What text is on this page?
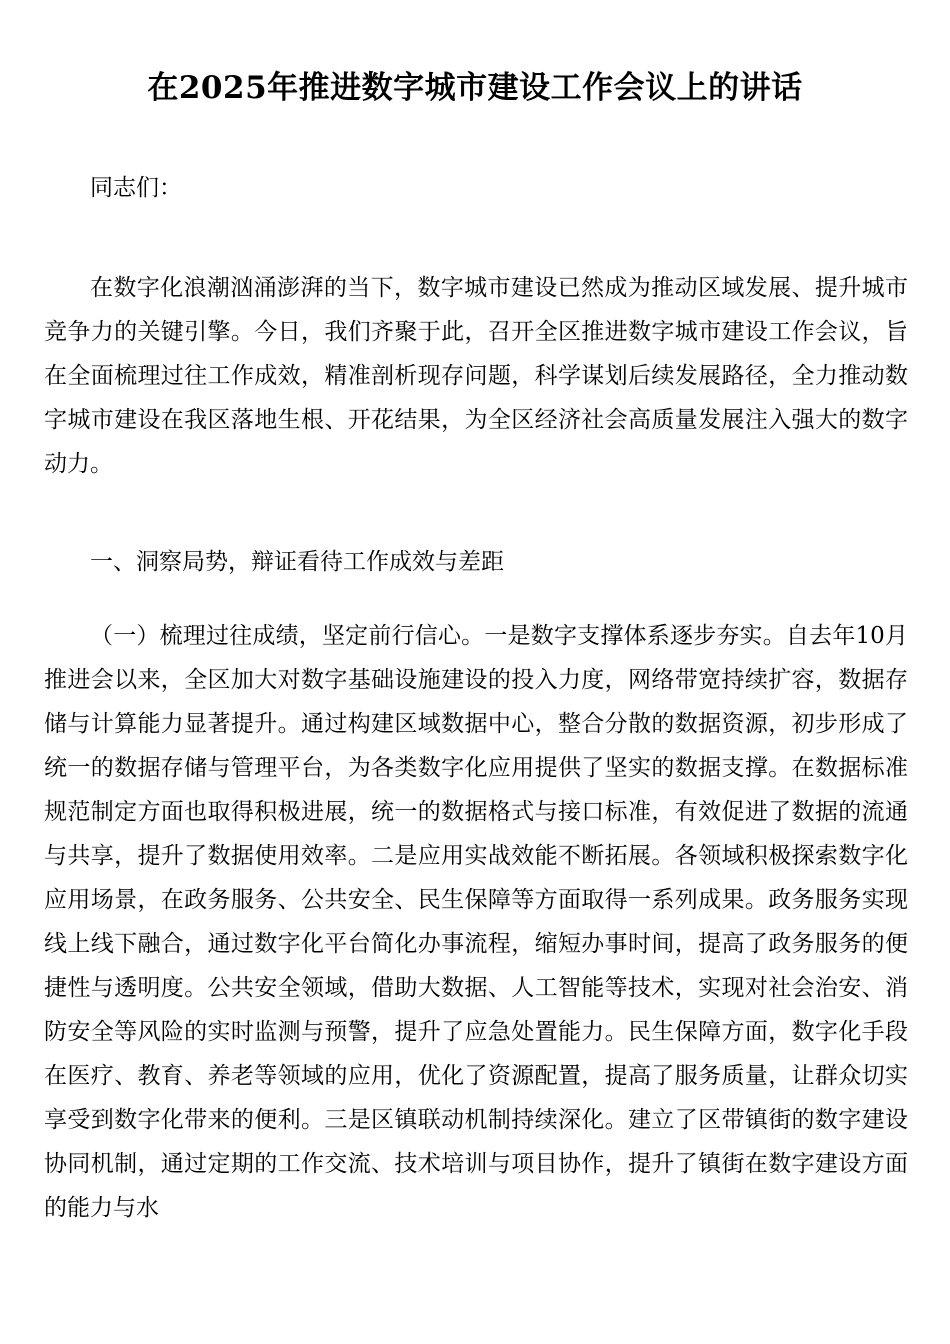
在2025年推进数字城市建设工作会议上的讲话

同志们：

在数字化浪潮汹涌澎湃的当下，数字城市建设已然成为推动区域发展、提升城市竞争力的关键引擎。今日，我们齐聚于此，召开全区推进数字城市建设工作会议，旨在全面梳理过往工作成效，精准剖析现存问题，科学谋划后续发展路径，全力推动数字城市建设在我区落地生根、开花结果，为全区经济社会高质量发展注入强大的数字动力。

一、洞察局势，辩证看待工作成效与差距

（一）梳理过往成绩，坚定前行信心。一是数字支撑体系逐步夯实。自去年10月推进会以来，全区加大对数字基础设施建设的投入力度，网络带宽持续扩容，数据存储与计算能力显著提升。通过构建区域数据中心，整合分散的数据资源，初步形成了统一的数据存储与管理平台，为各类数字化应用提供了坚实的数据支撑。在数据标准规范制定方面也取得积极进展，统一的数据格式与接口标准，有效促进了数据的流通与共享，提升了数据使用效率。二是应用实战效能不断拓展。各领域积极探索数字化应用场景，在政务服务、公共安全、民生保障等方面取得一系列成果。政务服务实现线上线下融合，通过数字化平台简化办事流程，缩短办事时间，提高了政务服务的便捷性与透明度。公共安全领域，借助大数据、人工智能等技术，实现对社会治安、消防安全等风险的实时监测与预警，提升了应急处置能力。民生保障方面，数字化手段在医疗、教育、养老等领域的应用，优化了资源配置，提高了服务质量，让群众切实享受到数字化带来的便利。三是区镇联动机制持续深化。建立了区带镇街的数字建设协同机制，通过定期的工作交流、技术培训与项目协作，提升了镇街在数字建设方面的能力与水
